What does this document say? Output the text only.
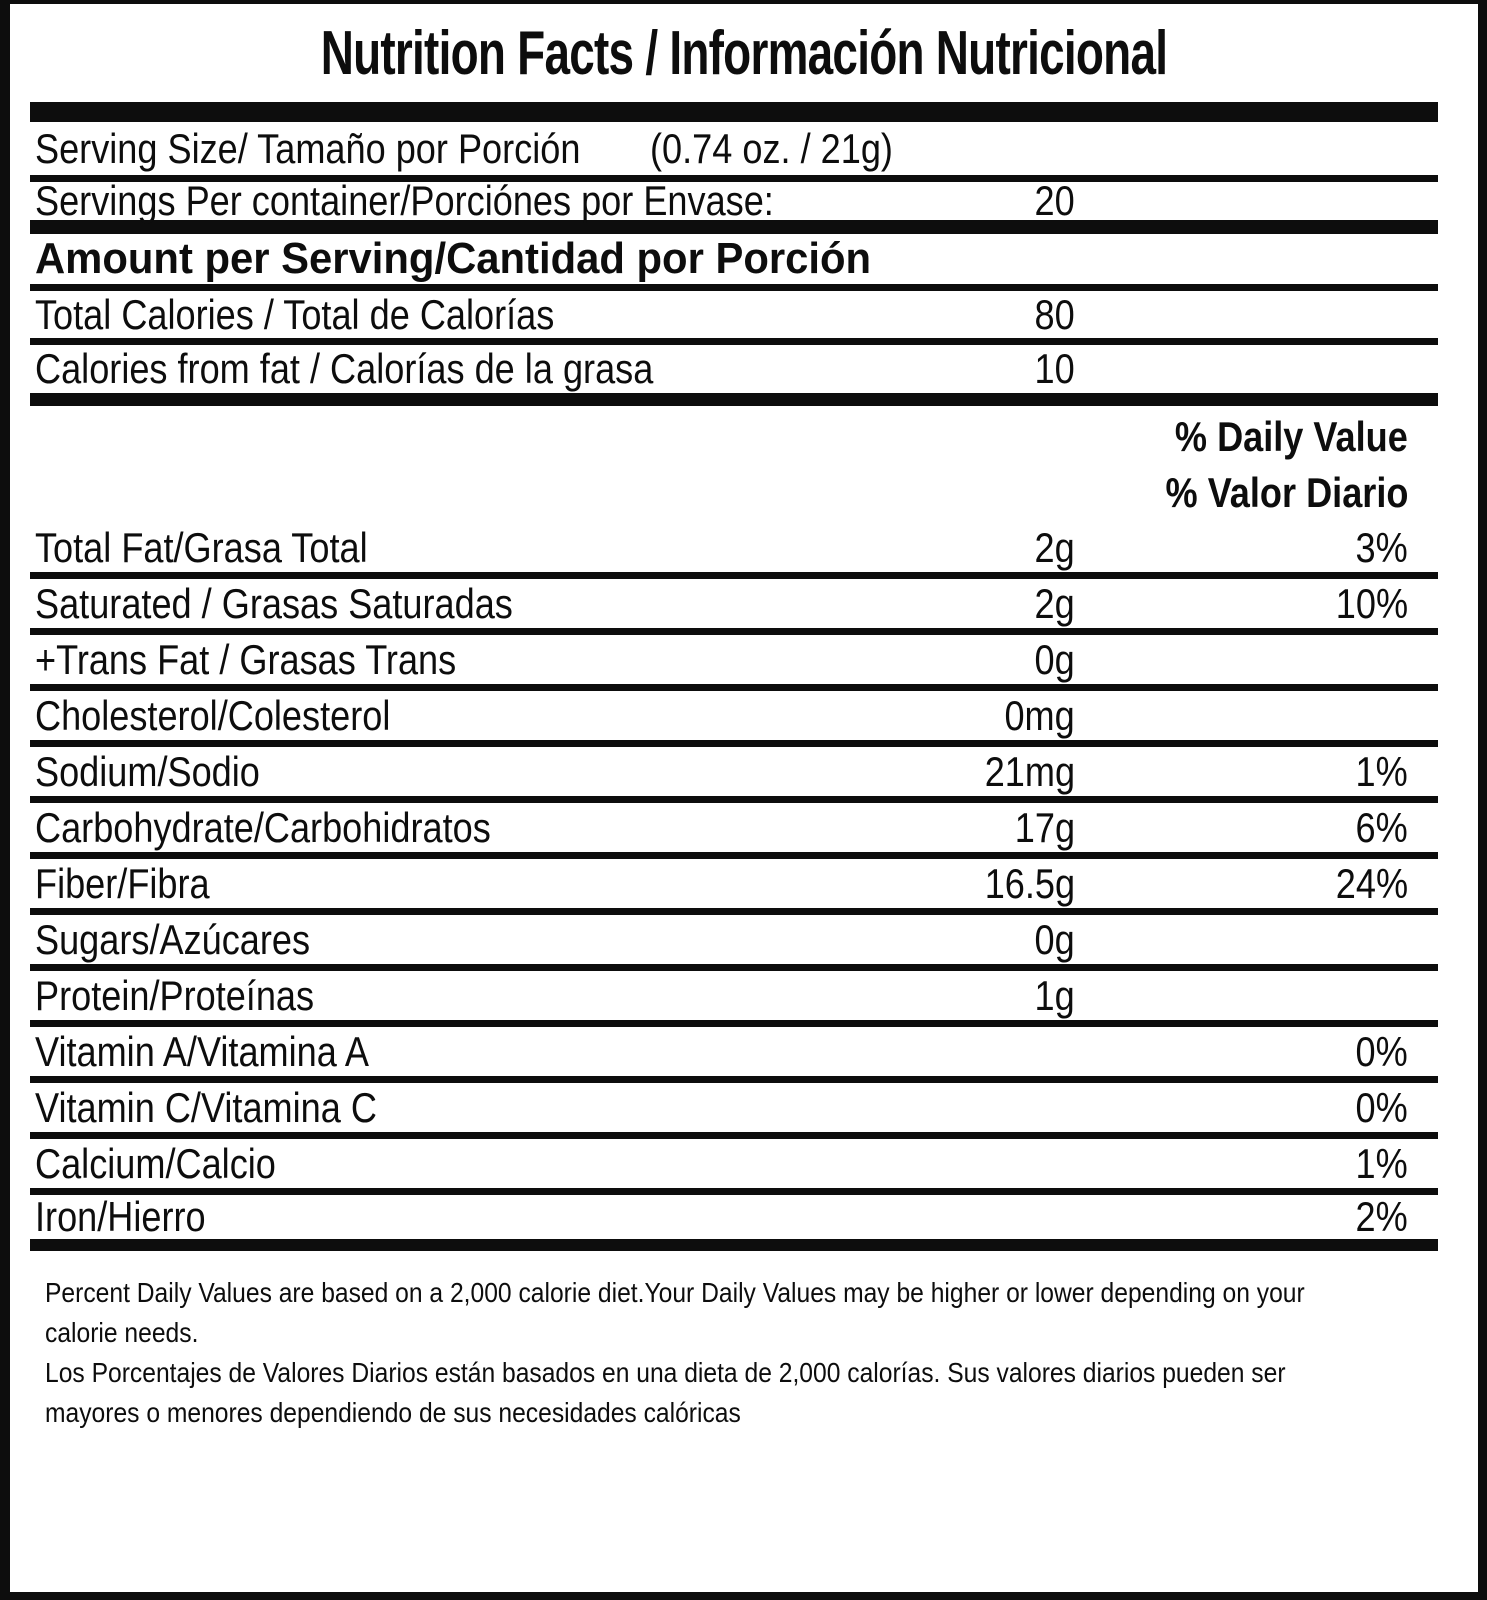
Nutrition Facts / Información Nutricional
Serving Size/ Tamaño por Porción	(0.74 oz. / 21g)
Servings Per container/Porciónes por Envase:	20
Amount per Serving/Cantidad por Porción
Total Calories / Total de Calorías	80
Calories from fat / Calorías de la grasa	10
% Daily Value
% Valor Diario
Total Fat/Grasa Total	2g	3%
Saturated / Grasas Saturadas	2g	10%
+Trans Fat / Grasas Trans	0g
Cholesterol/Colesterol	0mg
Sodium/Sodio	21mg	1%
Carbohydrate/Carbohidratos	17g	6%
Fiber/Fibra	16.5g	24%
Sugars/Azúcares	0g
Protein/Proteínas	1g
Vitamin A/Vitamina A	0%
Vitamin C/Vitamina C	0%
Calcium/Calcio	1%
Iron/Hierro	2%
Percent Daily Values are based on a 2,000 calorie diet.Your Daily Values may be higher or lower depending on your
calorie needs.
Los Porcentajes de Valores Diarios están basados en una dieta de 2,000 calorías. Sus valores diarios pueden ser
mayores o menores dependiendo de sus necesidades calóricas
